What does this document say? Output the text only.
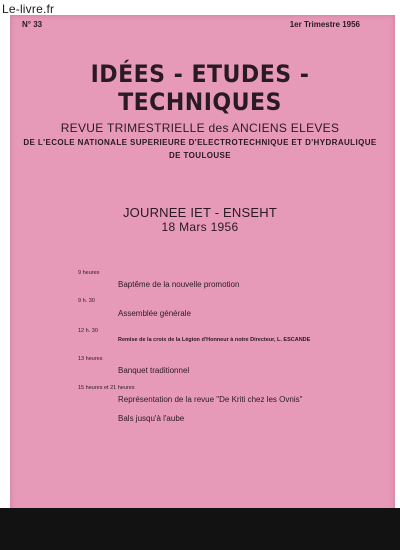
Le-livre.fr
N° 33	1er Trimestre 1956
IDÉES - ETUDES - TECHNIQUES
REVUE TRIMESTRIELLE des ANCIENS ELEVES
DE L'ECOLE NATIONALE SUPERIEURE D'ELECTROTECHNIQUE ET D'HYDRAULIQUE
DE TOULOUSE
JOURNEE IET - ENSEHT
18 Mars 1956
9 heures
Baptême de la nouvelle promotion
9 h. 30
Assemblée générale
12 h. 30
Remise de la croix de la Légion d'Honneur à notre Directeur, L. ESCANDE
13 heures
Banquet traditionnel
15 heures et 21 heures
Représentation de la revue "De Kriti chez les Ovnis"
Bals jusqu'à l'aube
